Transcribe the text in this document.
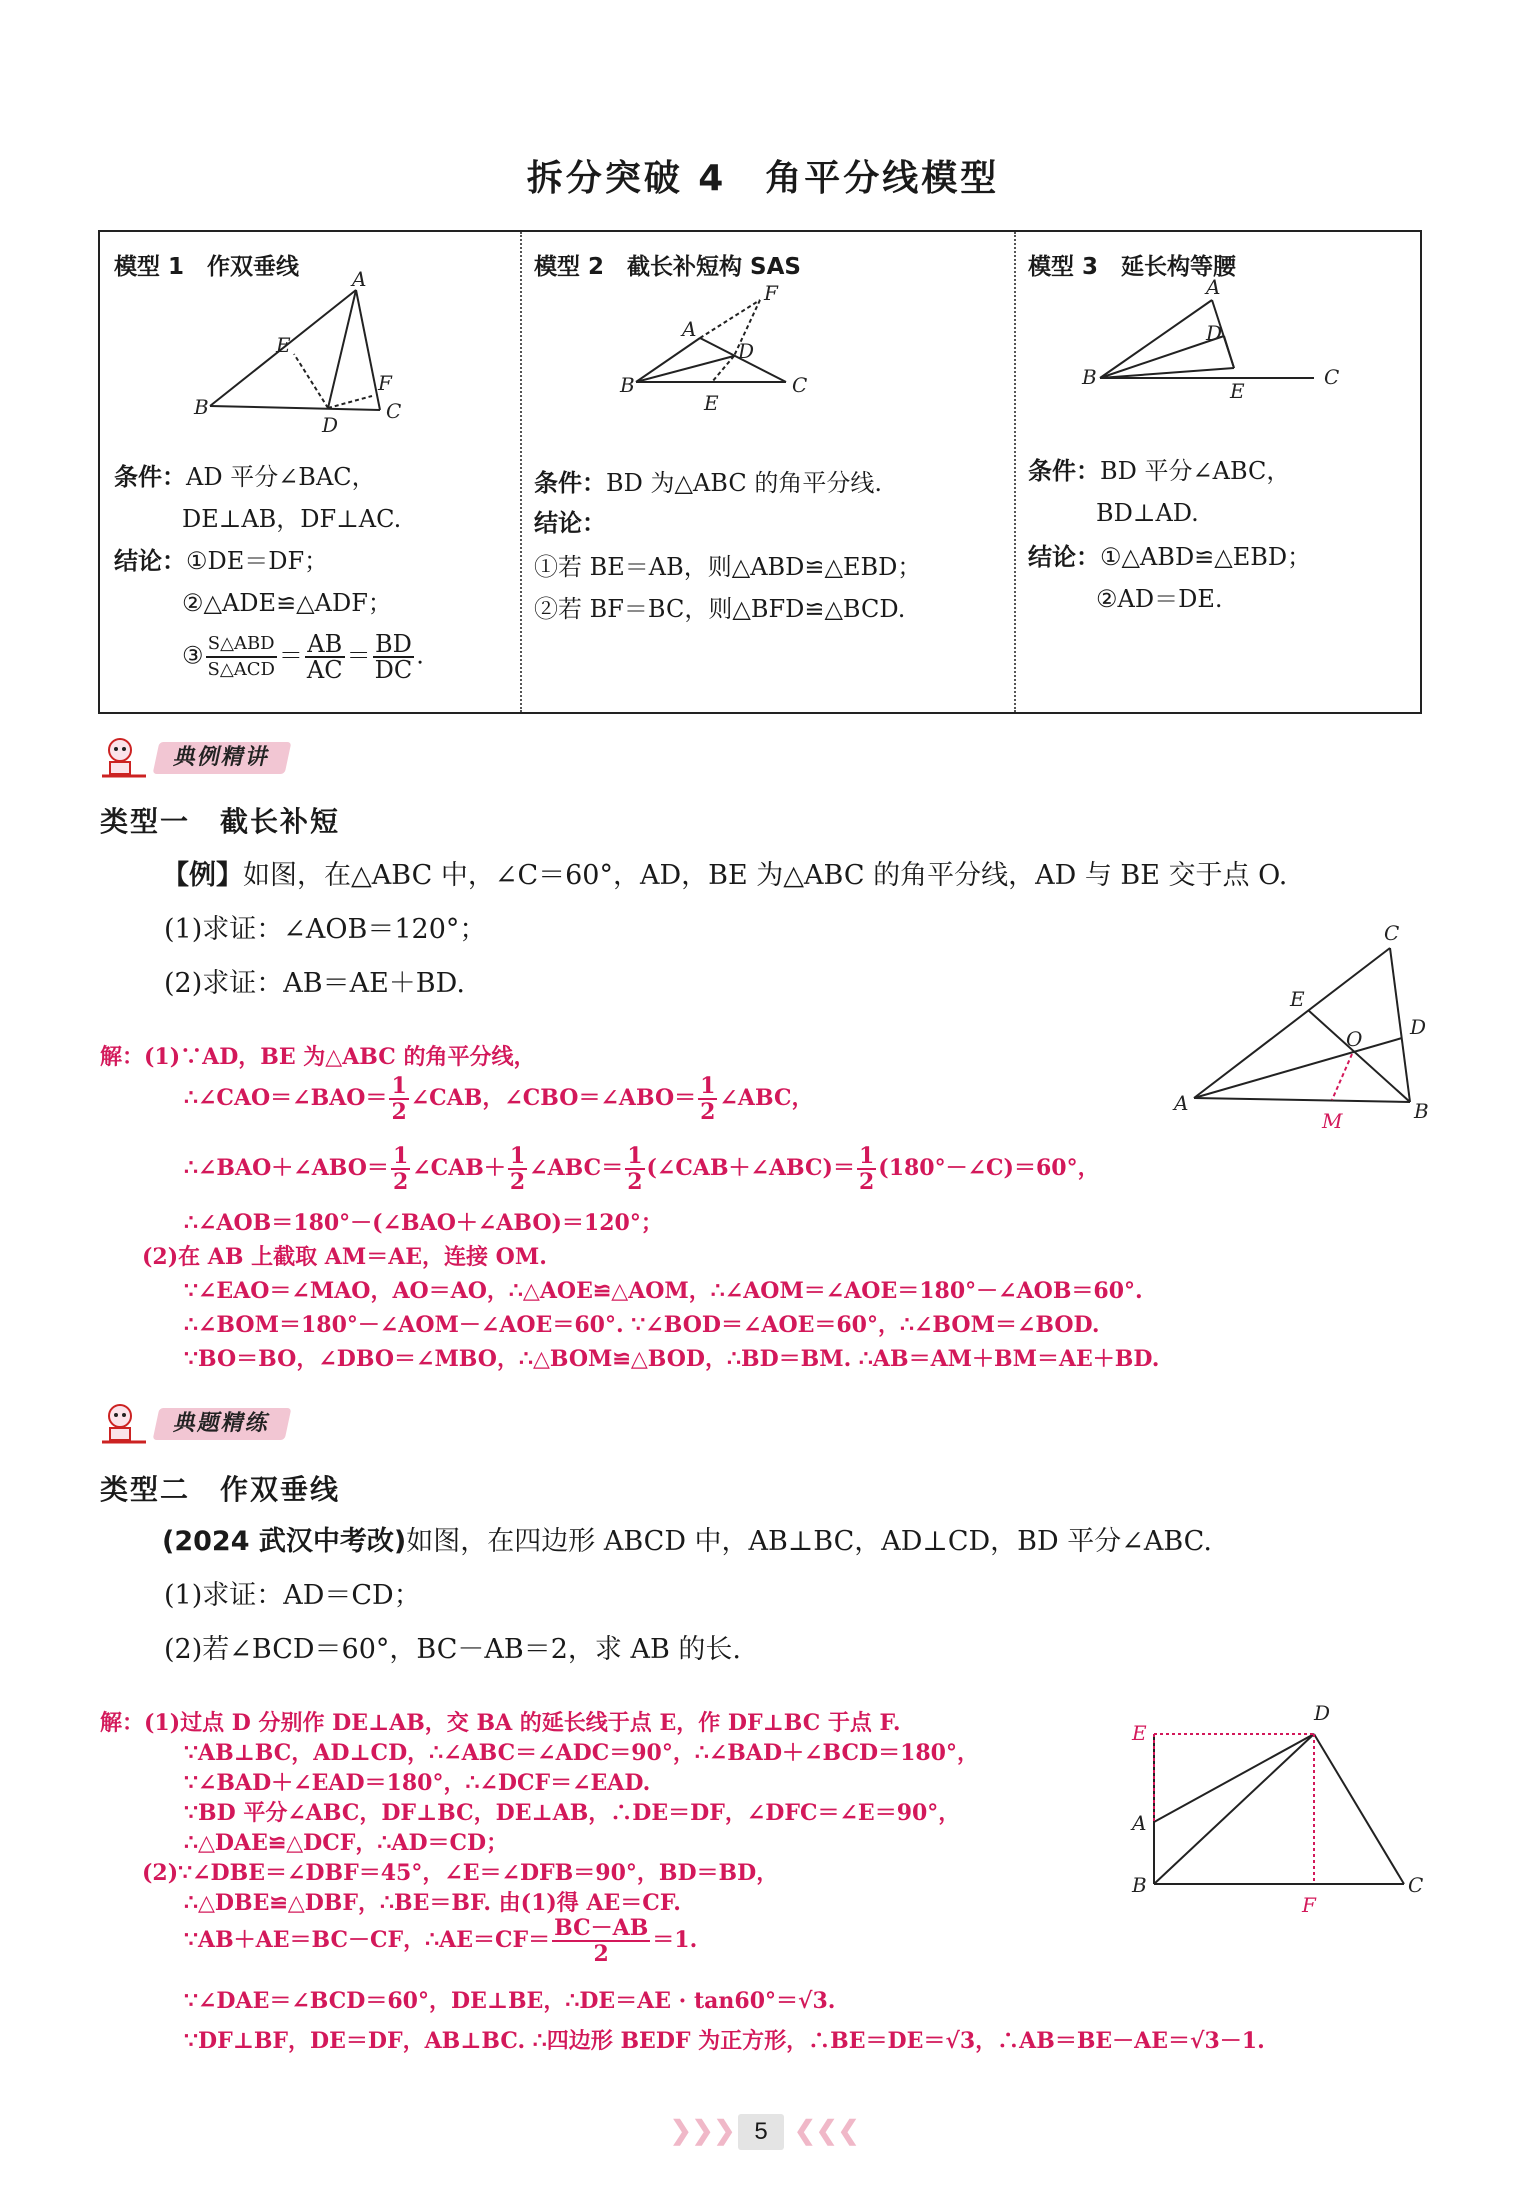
拆分突破 4　角平分线模型
模型 1　作双垂线	A
B	C
D
E
F
条件：AD 平分∠BAC，
DE⊥AB，DF⊥AC.
结论：①DE＝DF；
②△ADE≌△ADF；
③ $\frac{\text{S△ABD}}{\text{S△ACD}} = \frac{AB}{AC} = \frac{BD}{DC}$ .
模型 2　截长补短构 SAS
A
B	C
D
E
F
条件：BD 为△ABC 的角平分线.
结论：
①若 BE＝AB，则△ABD≌△EBD；
②若 BF＝BC，则△BFD≌△BCD.
模型 3　延长构等腰
A
B	C
D
E
条件：BD 平分∠ABC，
BD⊥AD.
结论：①△ABD≌△EBD；
②AD＝DE.
典例精讲
类型一　截长补短
【例】如图，在△ABC 中，∠C＝60°，AD，BE 为△ABC 的角平分线，AD 与 BE 交于点 O.
(1)求证：∠AOB＝120°；
(2)求证：AB＝AE＋BD.
C
E
O D
A	B
M
解：(1)∵AD，BE 为△ABC 的角平分线，
∴∠CAO＝∠BAO＝ $\frac{1}{2}$ ∠CAB，∠CBO＝∠ABO＝ $\frac{1}{2}$ ∠ABC，
∴∠BAO＋∠ABO＝ $\frac{1}{2}$ ∠CAB＋ $\frac{1}{2}$ ∠ABC＝ $\frac{1}{2}$ (∠CAB＋∠ABC)＝ $\frac{1}{2}$ (180°－∠C)＝60°，
∴∠AOB＝180°－(∠BAO＋∠ABO)＝120°；
(2)在 AB 上截取 AM＝AE，连接 OM.
∵∠EAO＝∠MAO，AO＝AO，∴△AOE≌△AOM，∴∠AOM＝∠AOE＝180°－∠AOB＝60°.
∴∠BOM＝180°－∠AOM－∠AOE＝60°. ∵∠BOD＝∠AOE＝60°，∴∠BOM＝∠BOD.
∵BO＝BO，∠DBO＝∠MBO，∴△BOM≌△BOD，∴BD＝BM. ∴AB＝AM＋BM＝AE＋BD.
典题精练
类型二　作双垂线
(2024 武汉中考改)如图，在四边形 ABCD 中，AB⊥BC，AD⊥CD，BD 平分∠ABC.
(1)求证：AD＝CD；
(2)若∠BCD＝60°，BC－AB＝2，求 AB 的长.
E
D
A
B	C
F
解：(1)过点 D 分别作 DE⊥AB，交 BA 的延长线于点 E，作 DF⊥BC 于点 F.
∵AB⊥BC，AD⊥CD，∴∠ABC＝∠ADC＝90°，∴∠BAD＋∠BCD＝180°，
∵∠BAD＋∠EAD＝180°，∴∠DCF＝∠EAD.
∵BD 平分∠ABC，DF⊥BC，DE⊥AB，∴DE＝DF，∠DFC＝∠E＝90°，
∴△DAE≌△DCF，∴AD＝CD；
(2)∵∠DBE＝∠DBF＝45°，∠E＝∠DFB＝90°，BD＝BD，
∴△DBE≌△DBF，∴BE＝BF. 由(1)得 AE＝CF.
∵AB＋AE＝BC－CF，∴AE＝CF＝ $\frac{BC-AB}{2} =1$.
∵∠DAE＝∠BCD＝60°，DE⊥BE，∴DE＝AE · tan60°＝√3.
∵DF⊥BF，DE＝DF，AB⊥BC. ∴四边形 BEDF 为正方形，∴BE＝DE＝√3，∴AB＝BE－AE＝√3－1.
❯❯❯ 5	❮❮❮
